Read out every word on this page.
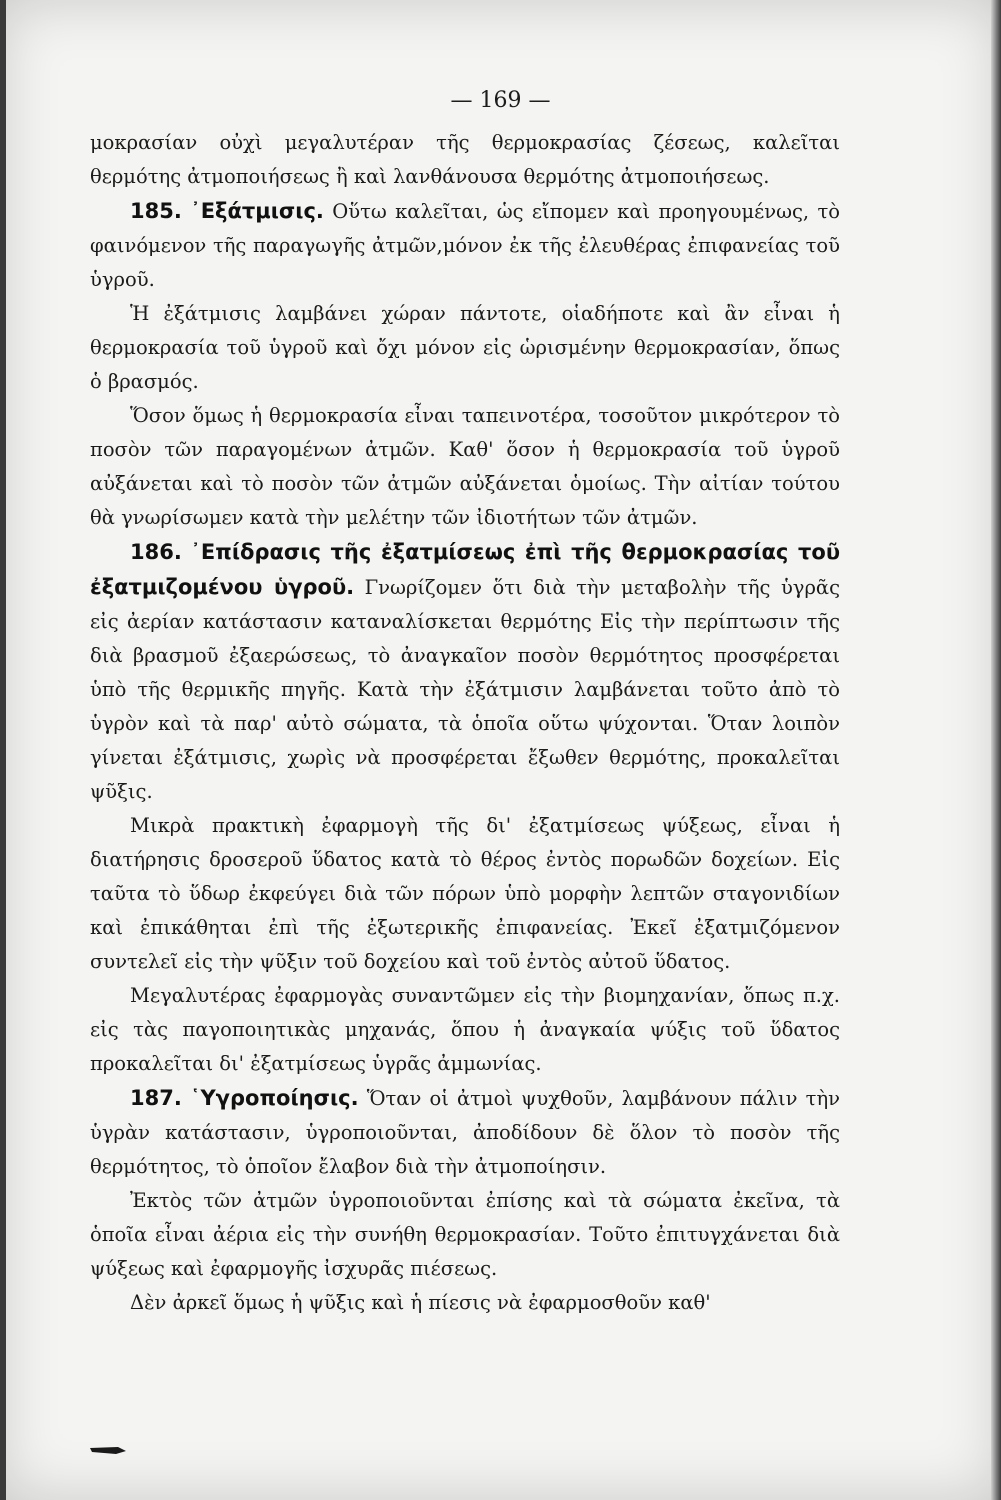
— 169 —

μοκρασίαν οὐχὶ μεγαλυτέραν τῆς θερμοκρασίας ζέσεως, καλεῖται θερμότης ἀτμοποιήσεως ἢ καὶ λανθάνουσα θερμότης ἀτμοποιήσεως.

185. ᾿Εξάτμισις. Οὕτω καλεῖται, ὡς εἴπομεν καὶ προηγουμένως, τὸ φαινόμενον τῆς παραγωγῆς ἀτμῶν,μόνον ἐκ τῆς ἐλευθέρας ἐπιφανείας τοῦ ὑγροῦ.

Ἡ ἐξάτμισις λαμβάνει χώραν πάντοτε, οἱαδήποτε καὶ ἂν εἶναι ἡ θερμοκρασία τοῦ ὑγροῦ καὶ ὄχι μόνον εἰς ὡρισμένην θερμοκρασίαν, ὅπως ὁ βρασμός.

Ὅσον ὅμως ἡ θερμοκρασία εἶναι ταπεινοτέρα, τοσοῦτον μικρότερον τὸ ποσὸν τῶν παραγομένων ἀτμῶν. Καθ' ὅσον ἡ θερμοκρασία τοῦ ὑγροῦ αὐξάνεται καὶ τὸ ποσὸν τῶν ἀτμῶν αὐξάνεται ὁμοίως. Τὴν αἰτίαν τούτου θὰ γνωρίσωμεν κατὰ τὴν μελέτην τῶν ἰδιοτήτων τῶν ἀτμῶν.

186. ᾿Επίδρασις τῆς ἐξατμίσεως ἐπὶ τῆς θερμοκρασίας τοῦ ἐξατμιζομένου ὑγροῦ. Γνωρίζομεν ὅτι διὰ τὴν μεταβολὴν τῆς ὑγρᾶς εἰς ἀερίαν κατάστασιν καταναλίσκεται θερμότης Εἰς τὴν περίπτωσιν τῆς διὰ βρασμοῦ ἐξαερώσεως, τὸ ἀναγκαῖον ποσὸν θερμότητος προσφέρεται ὑπὸ τῆς θερμικῆς πηγῆς. Κατὰ τὴν ἐξάτμισιν λαμβάνεται τοῦτο ἀπὸ τὸ ὑγρὸν καὶ τὰ παρ' αὐτὸ σώματα, τὰ ὁποῖα οὕτω ψύχονται. Ὅταν λοιπὸν γίνεται ἐξάτμισις, χωρὶς νὰ προσφέρεται ἔξωθεν θερμότης, προκαλεῖται ψῦξις.

Μικρὰ πρακτικὴ ἐφαρμογὴ τῆς δι' ἐξατμίσεως ψύξεως, εἶναι ἡ διατήρησις δροσεροῦ ὕδατος κατὰ τὸ θέρος ἐντὸς πορωδῶν δοχείων. Εἰς ταῦτα τὸ ὕδωρ ἐκφεύγει διὰ τῶν πόρων ὑπὸ μορφὴν λεπτῶν σταγονιδίων καὶ ἐπικάθηται ἐπὶ τῆς ἐξωτερικῆς ἐπιφανείας. Ἐκεῖ ἐξατμιζόμενον συντελεῖ εἰς τὴν ψῦξιν τοῦ δοχείου καὶ τοῦ ἐντὸς αὐτοῦ ὕδατος.

Μεγαλυτέρας ἐφαρμογὰς συναντῶμεν εἰς τὴν βιομηχανίαν, ὅπως π.χ. εἰς τὰς παγοποιητικὰς μηχανάς, ὅπου ἡ ἀναγκαία ψύξις τοῦ ὕδατος προκαλεῖται δι' ἐξατμίσεως ὑγρᾶς ἀμμωνίας.

187. ῾Υγροποίησις. Ὅταν οἱ ἀτμοὶ ψυχθοῦν, λαμβάνουν πάλιν τὴν ὑγρὰν κατάστασιν, ὑγροποιοῦνται, ἀποδίδουν δὲ ὅλον τὸ ποσὸν τῆς θερμότητος, τὸ ὁποῖον ἔλαβον διὰ τὴν ἀτμοποίησιν.

Ἐκτὸς τῶν ἀτμῶν ὑγροποιοῦνται ἐπίσης καὶ τὰ σώματα ἐκεῖνα, τὰ ὁποῖα εἶναι ἀέρια εἰς τὴν συνήθη θερμοκρασίαν. Τοῦτο ἐπιτυγχάνεται διὰ ψύξεως καὶ ἐφαρμογῆς ἰσχυρᾶς πιέσεως.

Δὲν ἀρκεῖ ὅμως ἡ ψῦξις καὶ ἡ πίεσις νὰ ἐφαρμοσθοῦν καθ'
